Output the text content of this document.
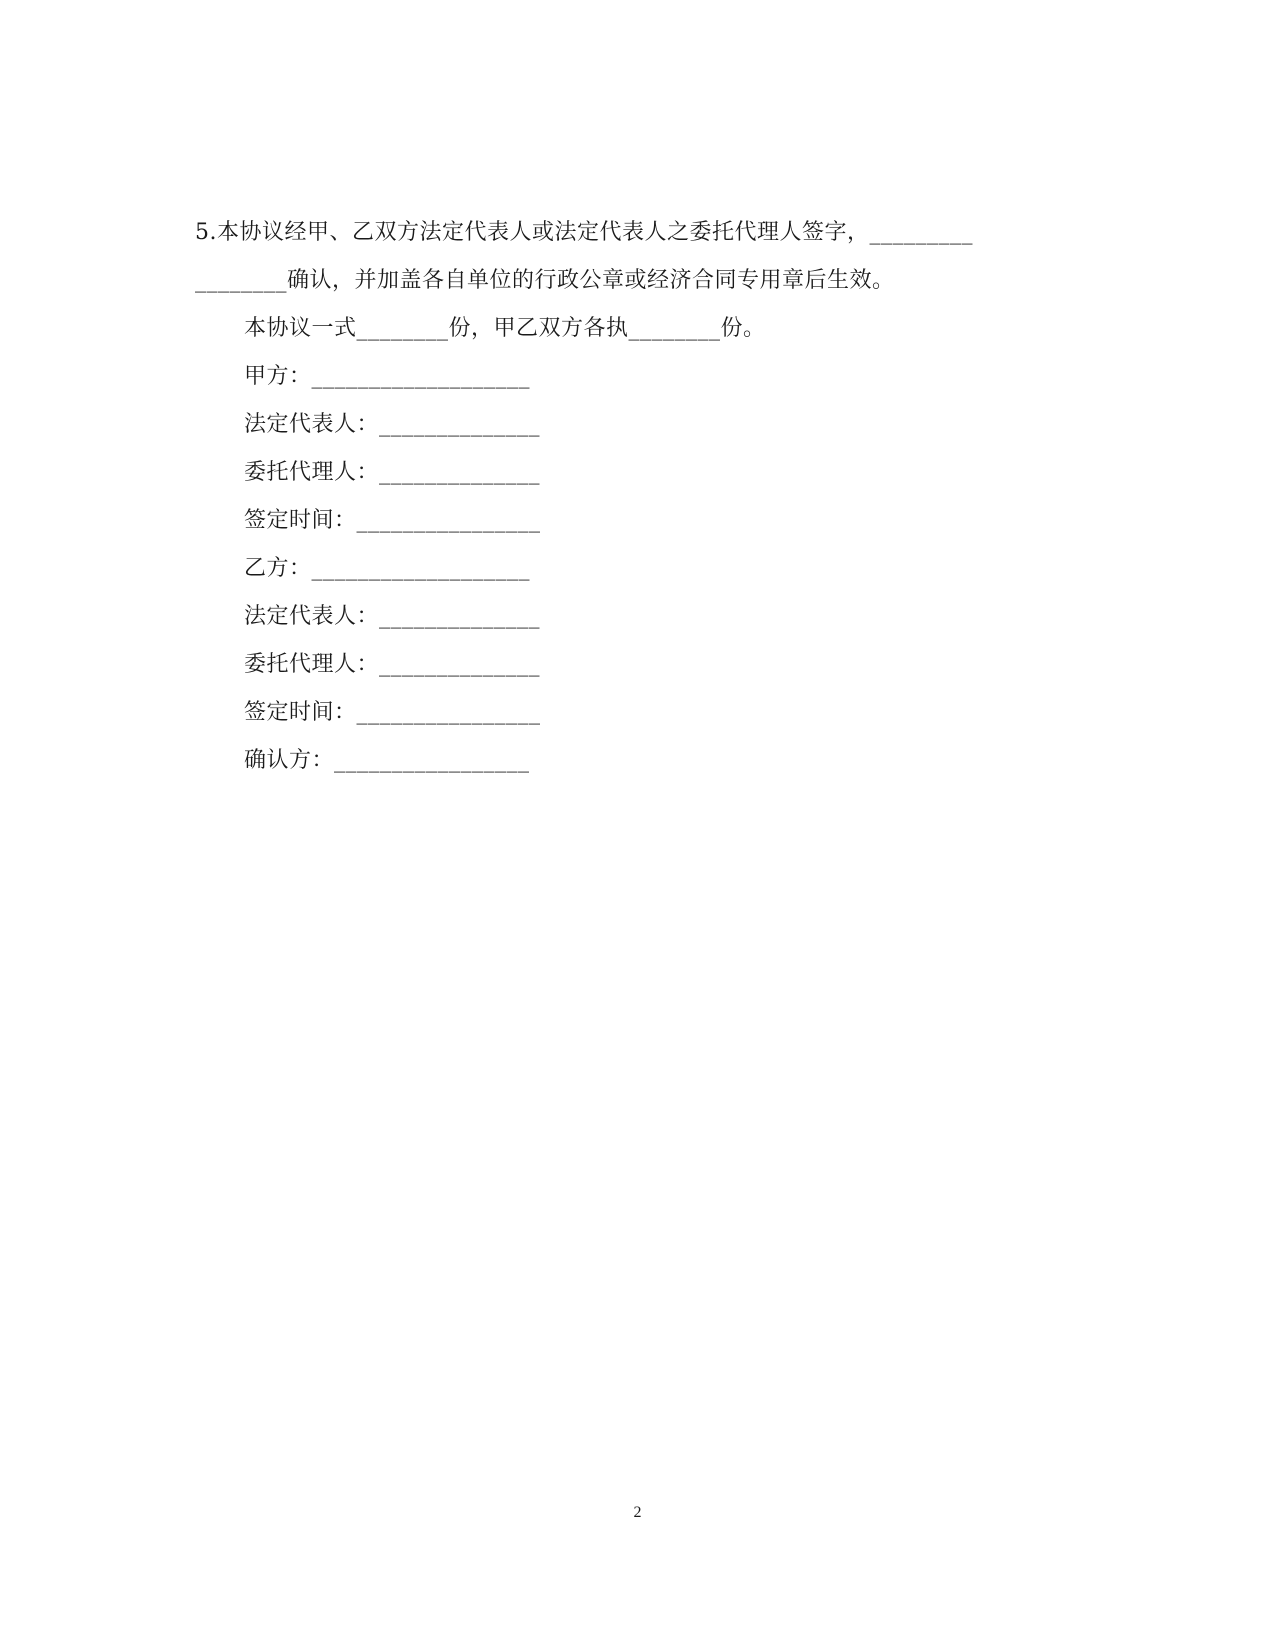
5.本协议经甲、乙双方法定代表人或法定代表人之委托代理人签字，_________
________确认，并加盖各自单位的行政公章或经济合同专用章后生效。
本协议一式________份，甲乙双方各执________份。
甲方：___________________
法定代表人：______________
委托代理人：______________
签定时间：________________
乙方：___________________
法定代表人：______________
委托代理人：______________
签定时间：________________
确认方：_________________
2
